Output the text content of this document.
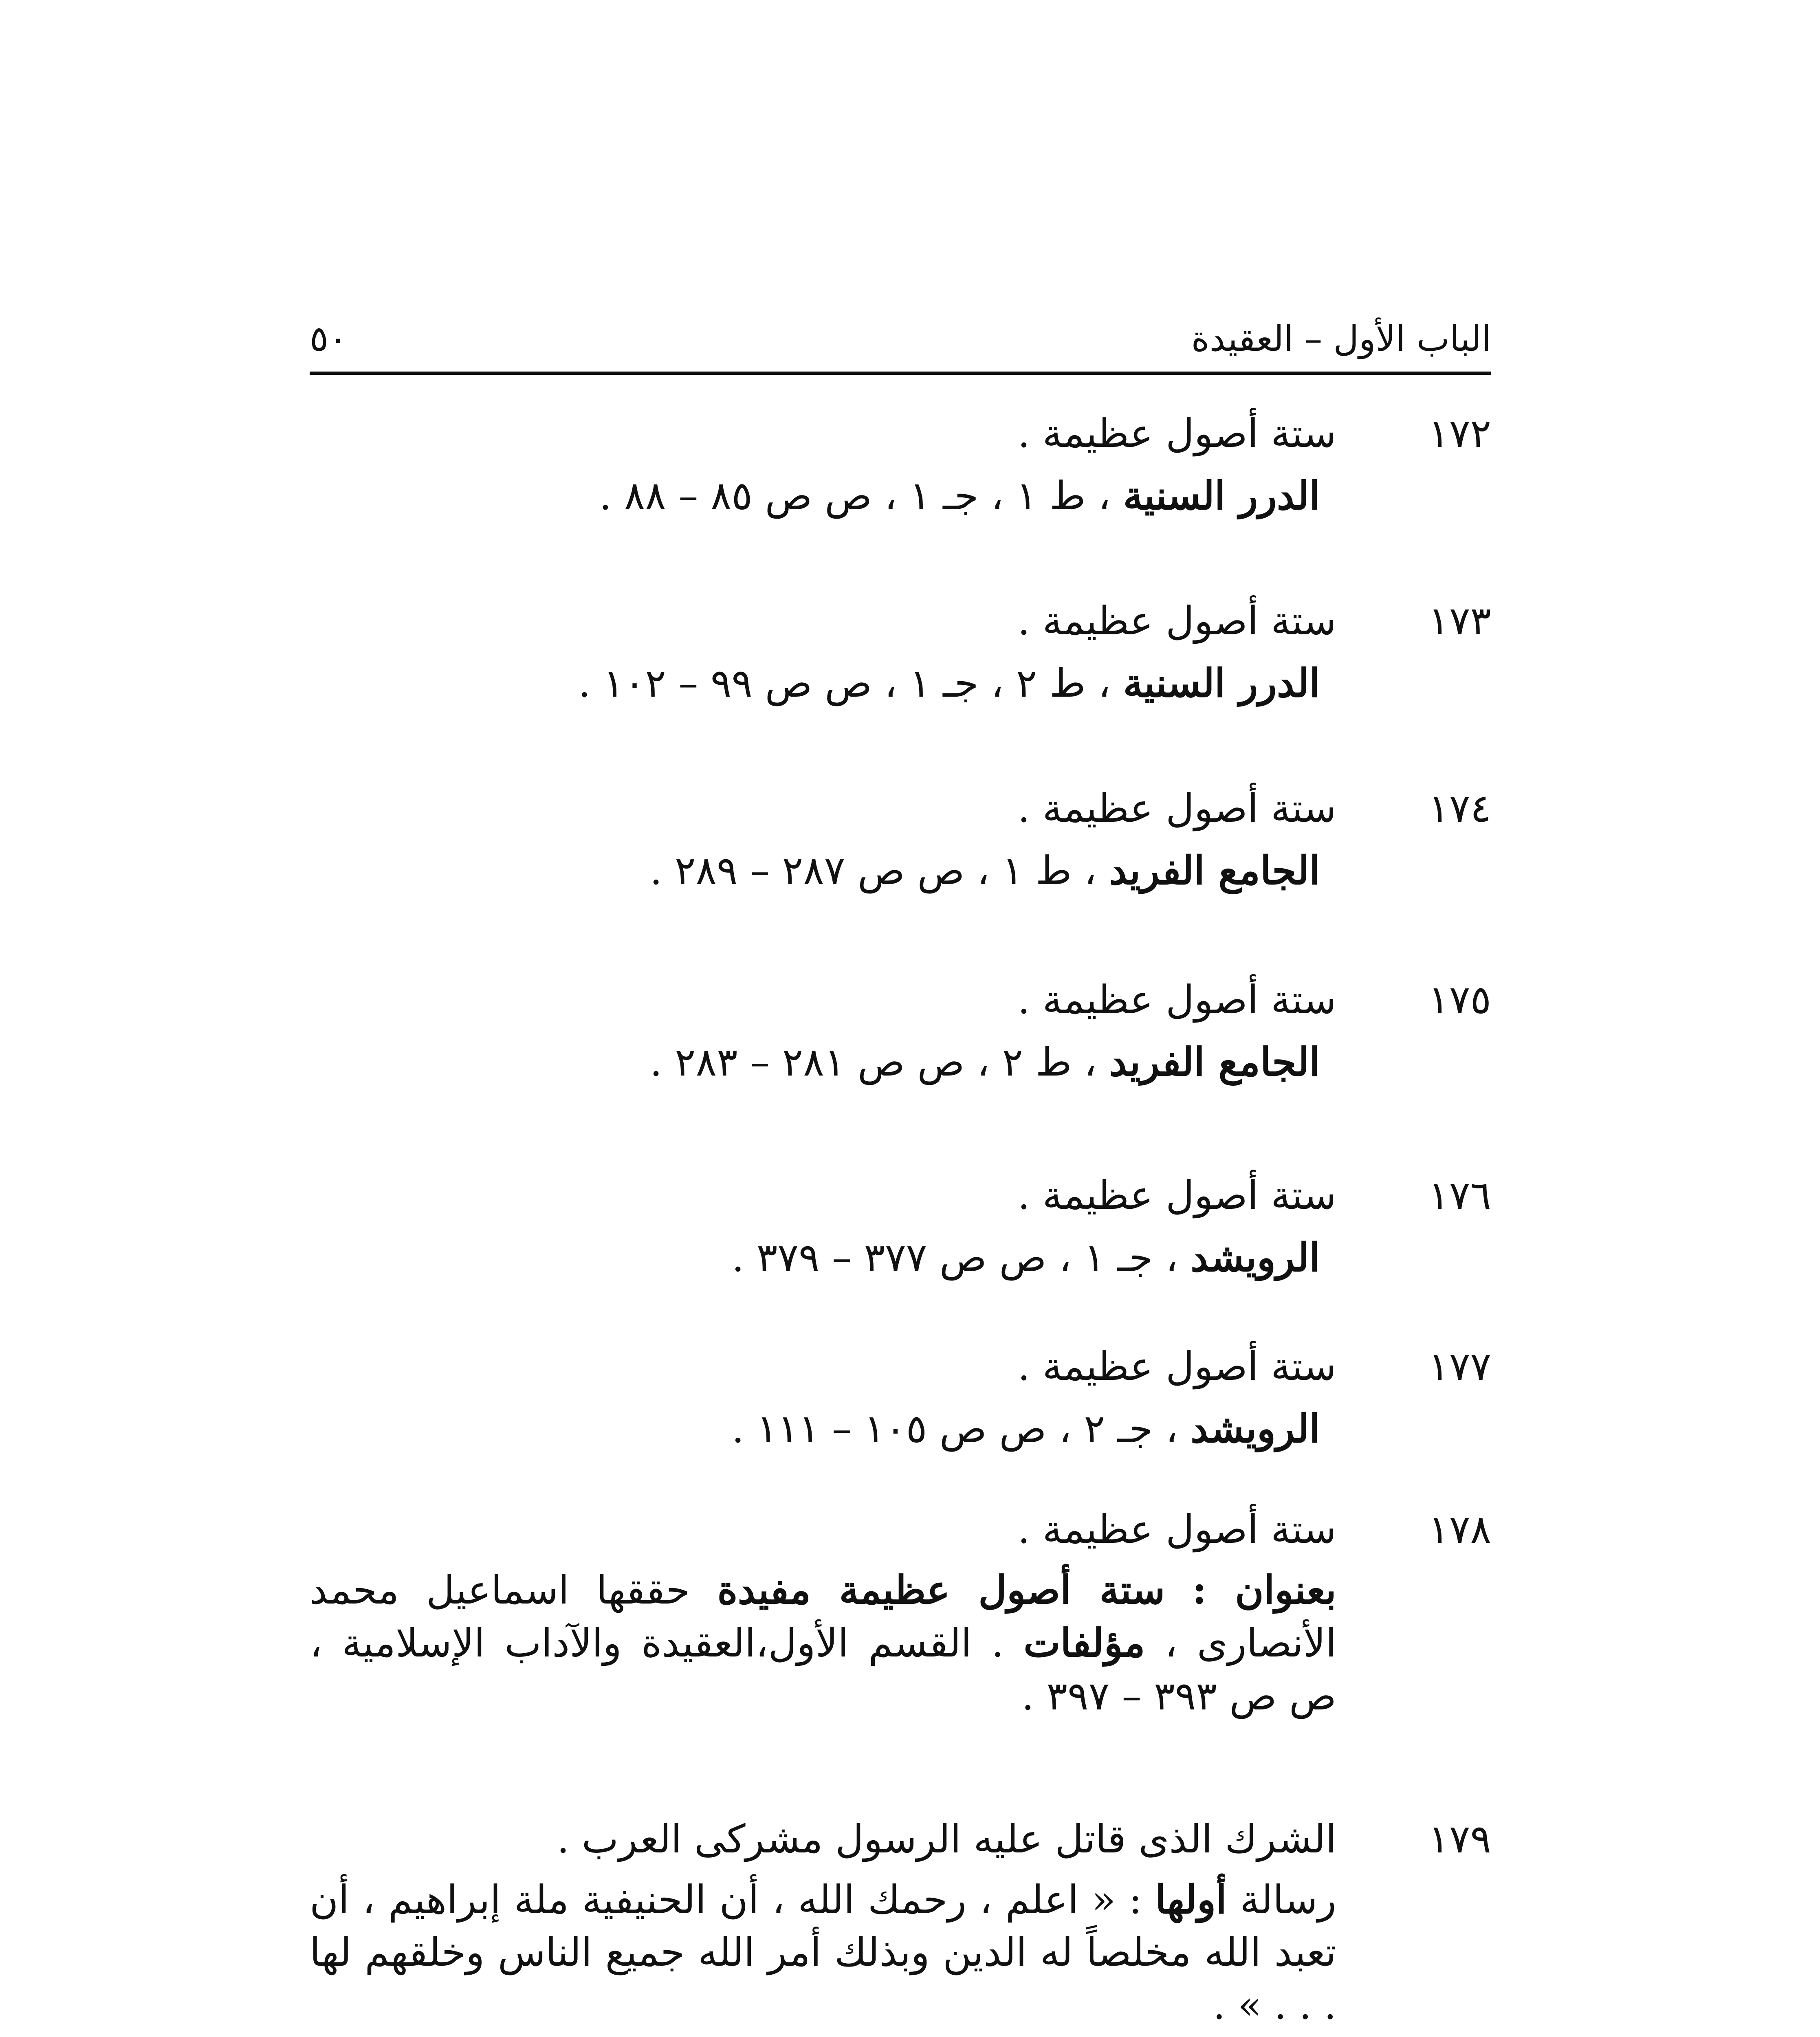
الباب الأول – العقيدة
٥٠
١٧٢

ستة أصول عظيمة .

الدرر السنية ، ط ١ ، جـ ١ ، ص ص ٨٥ – ٨٨ .

١٧٣

ستة أصول عظيمة .

الدرر السنية ، ط ٢ ، جـ ١ ، ص ص ٩٩ – ١٠٢ .

١٧٤

ستة أصول عظيمة .

الجامع الفريد ، ط ١ ، ص ص ٢٨٧ – ٢٨٩ .

١٧٥

ستة أصول عظيمة .

الجامع الفريد ، ط ٢ ، ص ص ٢٨١ – ٢٨٣ .

١٧٦

ستة أصول عظيمة .

الرويشد ، جـ ١ ، ص ص ٣٧٧ – ٣٧٩ .

١٧٧

ستة أصول عظيمة .

الرويشد ، جـ ٢ ، ص ص ١٠٥ – ١١١ .

١٧٨

ستة أصول عظيمة .

بعنوان : ستة أصول عظيمة مفيدة حققها اسماعيل محمد الأنصارى ، مؤلفات . القسم الأول،العقيدة والآداب الإسلامية ، ص ص ٣٩٣ – ٣٩٧ .

١٧٩

الشرك الذى قاتل عليه الرسول مشركى العرب .

رسالة أولها : « اعلم ، رحمك الله ، أن الحنيفية ملة إبراهيم ، أن تعبد الله مخلصاً له الدين وبذلك أمر الله جميع الناس وخلقهم لها . . . » .
